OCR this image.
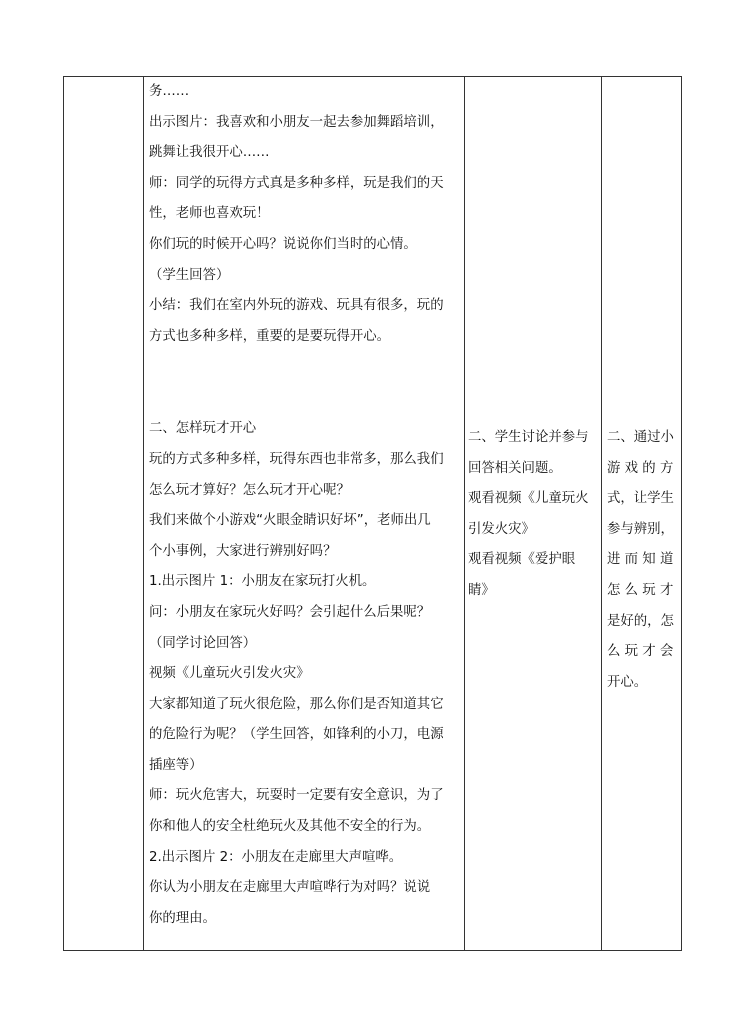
务……

出示图片：我喜欢和小朋友一起去参加舞蹈培训，

跳舞让我很开心……

师：同学的玩得方式真是多种多样，玩是我们的天

性，老师也喜欢玩！

你们玩的时候开心吗？说说你们当时的心情。

（学生回答）

小结：我们在室内外玩的游戏、玩具有很多，玩的

方式也多种多样，重要的是要玩得开心。

二、怎样玩才开心

玩的方式多种多样，玩得东西也非常多，那么我们

怎么玩才算好？怎么玩才开心呢？

我们来做个小游戏“火眼金睛识好坏”，老师出几

个小事例，大家进行辨别好吗？

1.出示图片 1：小朋友在家玩打火机。

问：小朋友在家玩火好吗？会引起什么后果呢？

（同学讨论回答）

视频《儿童玩火引发火灾》

大家都知道了玩火很危险，那么你们是否知道其它

的危险行为呢？（学生回答，如锋利的小刀，电源

插座等）

师：玩火危害大，玩耍时一定要有安全意识，为了

你和他人的安全杜绝玩火及其他不安全的行为。

2.出示图片 2：小朋友在走廊里大声喧哗。

你认为小朋友在走廊里大声喧哗行为对吗？说说

你的理由。

二、学生讨论并参与

回答相关问题。

观看视频《儿童玩火

引发火灾》

观看视频《爱护眼

睛》

二、通过小

游 戏 的 方

式，让学生

参与辨别，

进 而 知 道

怎 么 玩 才

是好的，怎

么 玩 才 会

开心。
